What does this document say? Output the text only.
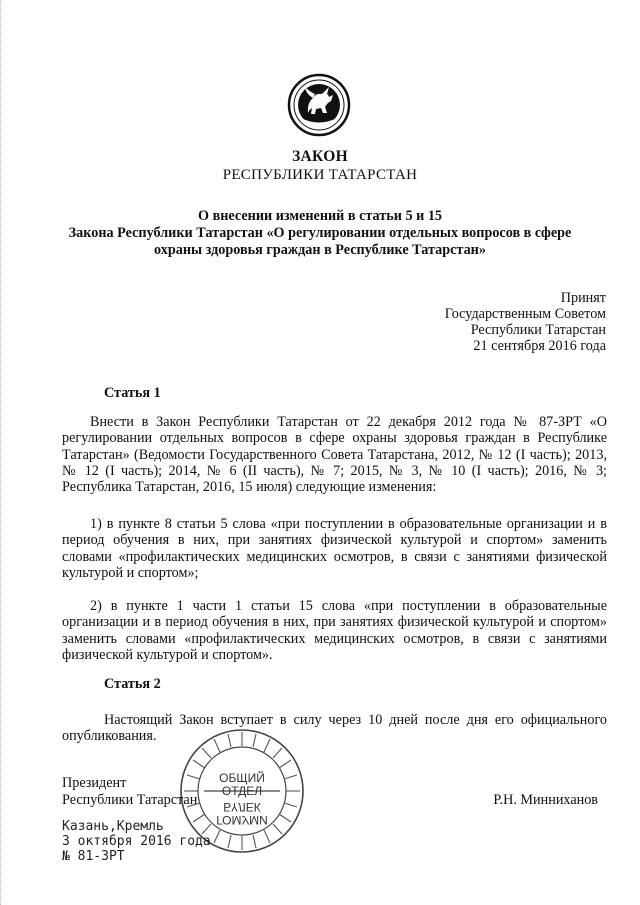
ЗАКОН
РЕСПУБЛИКИ ТАТАРСТАН
О внесении изменений в статьи 5 и 15
Закона Республики Татарстан «О регулировании отдельных вопросов в сфере
охраны здоровья граждан в Республике Татарстан»
Принят
Государственным Советом
Республики Татарстан
21 сентября 2016 года
Статья 1

Внести в Закон Республики Татарстан от 22 декабря 2012 года № 87-ЗРТ «О регулировании отдельных вопросов в сфере охраны здоровья граждан в Республике Татарстан» (Ведомости Государственного Совета Татарстана, 2012, № 12 (I часть); 2013, № 12 (I часть); 2014, № 6 (II часть), № 7; 2015, № 3, № 10 (I часть); 2016, № 3; Республика Татарстан, 2016, 15 июля) следующие изменения:

1) в пункте 8 статьи 5 слова «при поступлении в образовательные организации и в период обучения в них, при занятиях физической культурой и спортом» заменить словами «профилактических медицинских осмотров, в связи с занятиями физической культурой и спортом»;

2) в пункте 1 части 1 статьи 15 слова «при поступлении в образовательные организации и в период обучения в них, при занятиях физической культурой и спортом» заменить словами «профилактических медицинских осмотров, в связи с занятиями физической культурой и спортом».

Статья 2

Настоящий Закон вступает в силу через 10 дней после дня его официального опубликования.

ОБЩИЙ
ОТДЕЛ
ГОМУМИ
БҮЛЕК
Президент
Республики Татарстан	Р.Н. Минниханов
Казань,Кремль
3 октября 2016 года
№ 81-ЗРТ
